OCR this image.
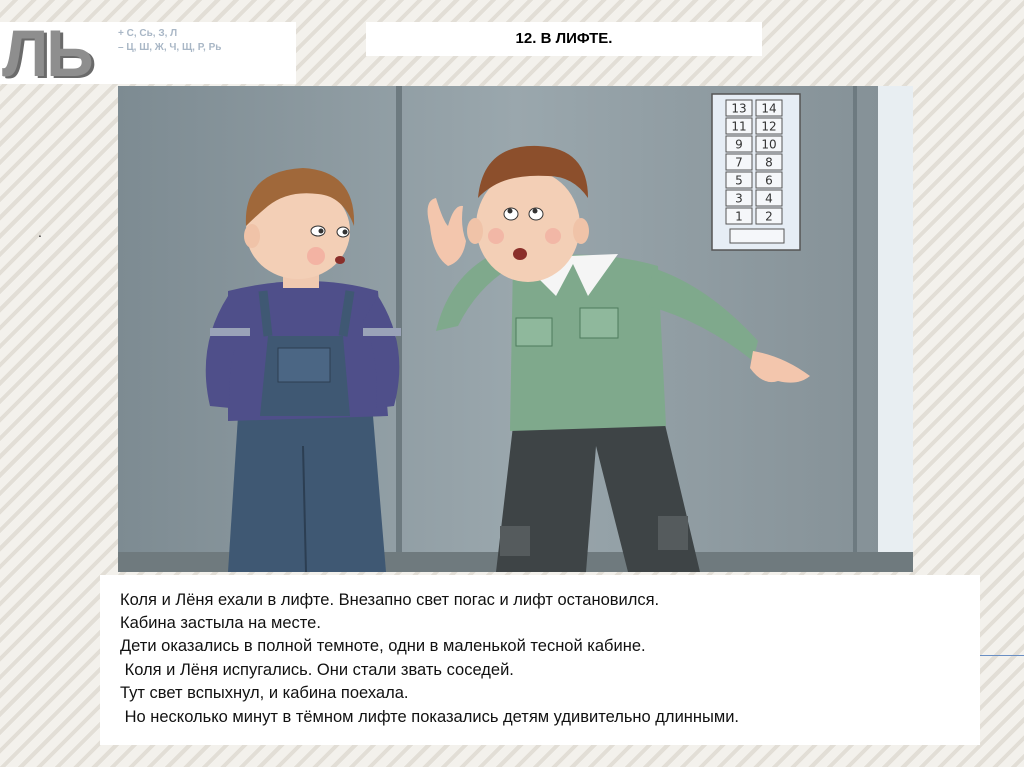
ЛЬ	+ С, Сь, З, Л
– Ц, Ш, Ж, Ч, Щ, Р, Рь
12. В ЛИФТЕ.
.
13 14
11 12
9 10
7 8
5 6
3 4
1 2
Коля и Лёня ехали в лифте. Внезапно свет погас и лифт остановился.
Кабина застыла на месте.
Дети оказались в полной темноте, одни в маленькой тесной кабине.
Коля и Лёня испугались. Они стали звать соседей.
Тут свет вспыхнул, и кабина поехала.
Но несколько минут в тёмном лифте показались детям удивительно длинными.
